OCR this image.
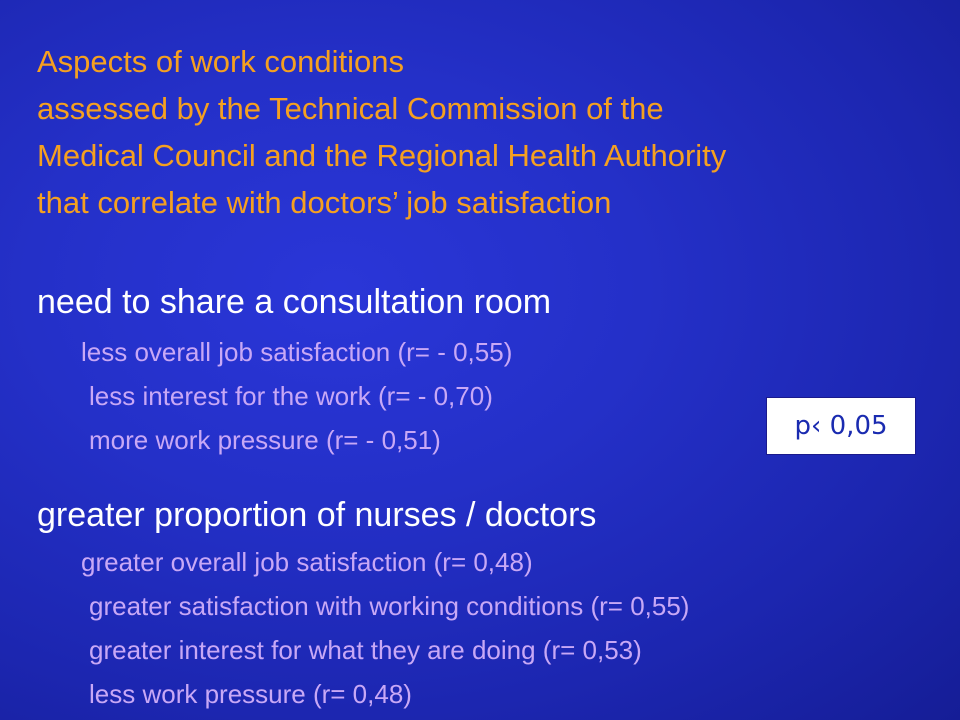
Aspects of work conditions
assessed by the Technical Commission of the
Medical Council and the Regional Health Authority
that correlate with doctors’ job satisfaction
need to share a consultation room

less overall job satisfaction (r= - 0,55)

less interest for the work (r= - 0,70)

more work pressure (r= - 0,51)	p‹ 0,05
greater proportion of nurses / doctors

greater overall job satisfaction (r= 0,48)

greater satisfaction with working conditions (r= 0,55)

greater interest for what they are doing (r= 0,53)

less work pressure (r= 0,48)
